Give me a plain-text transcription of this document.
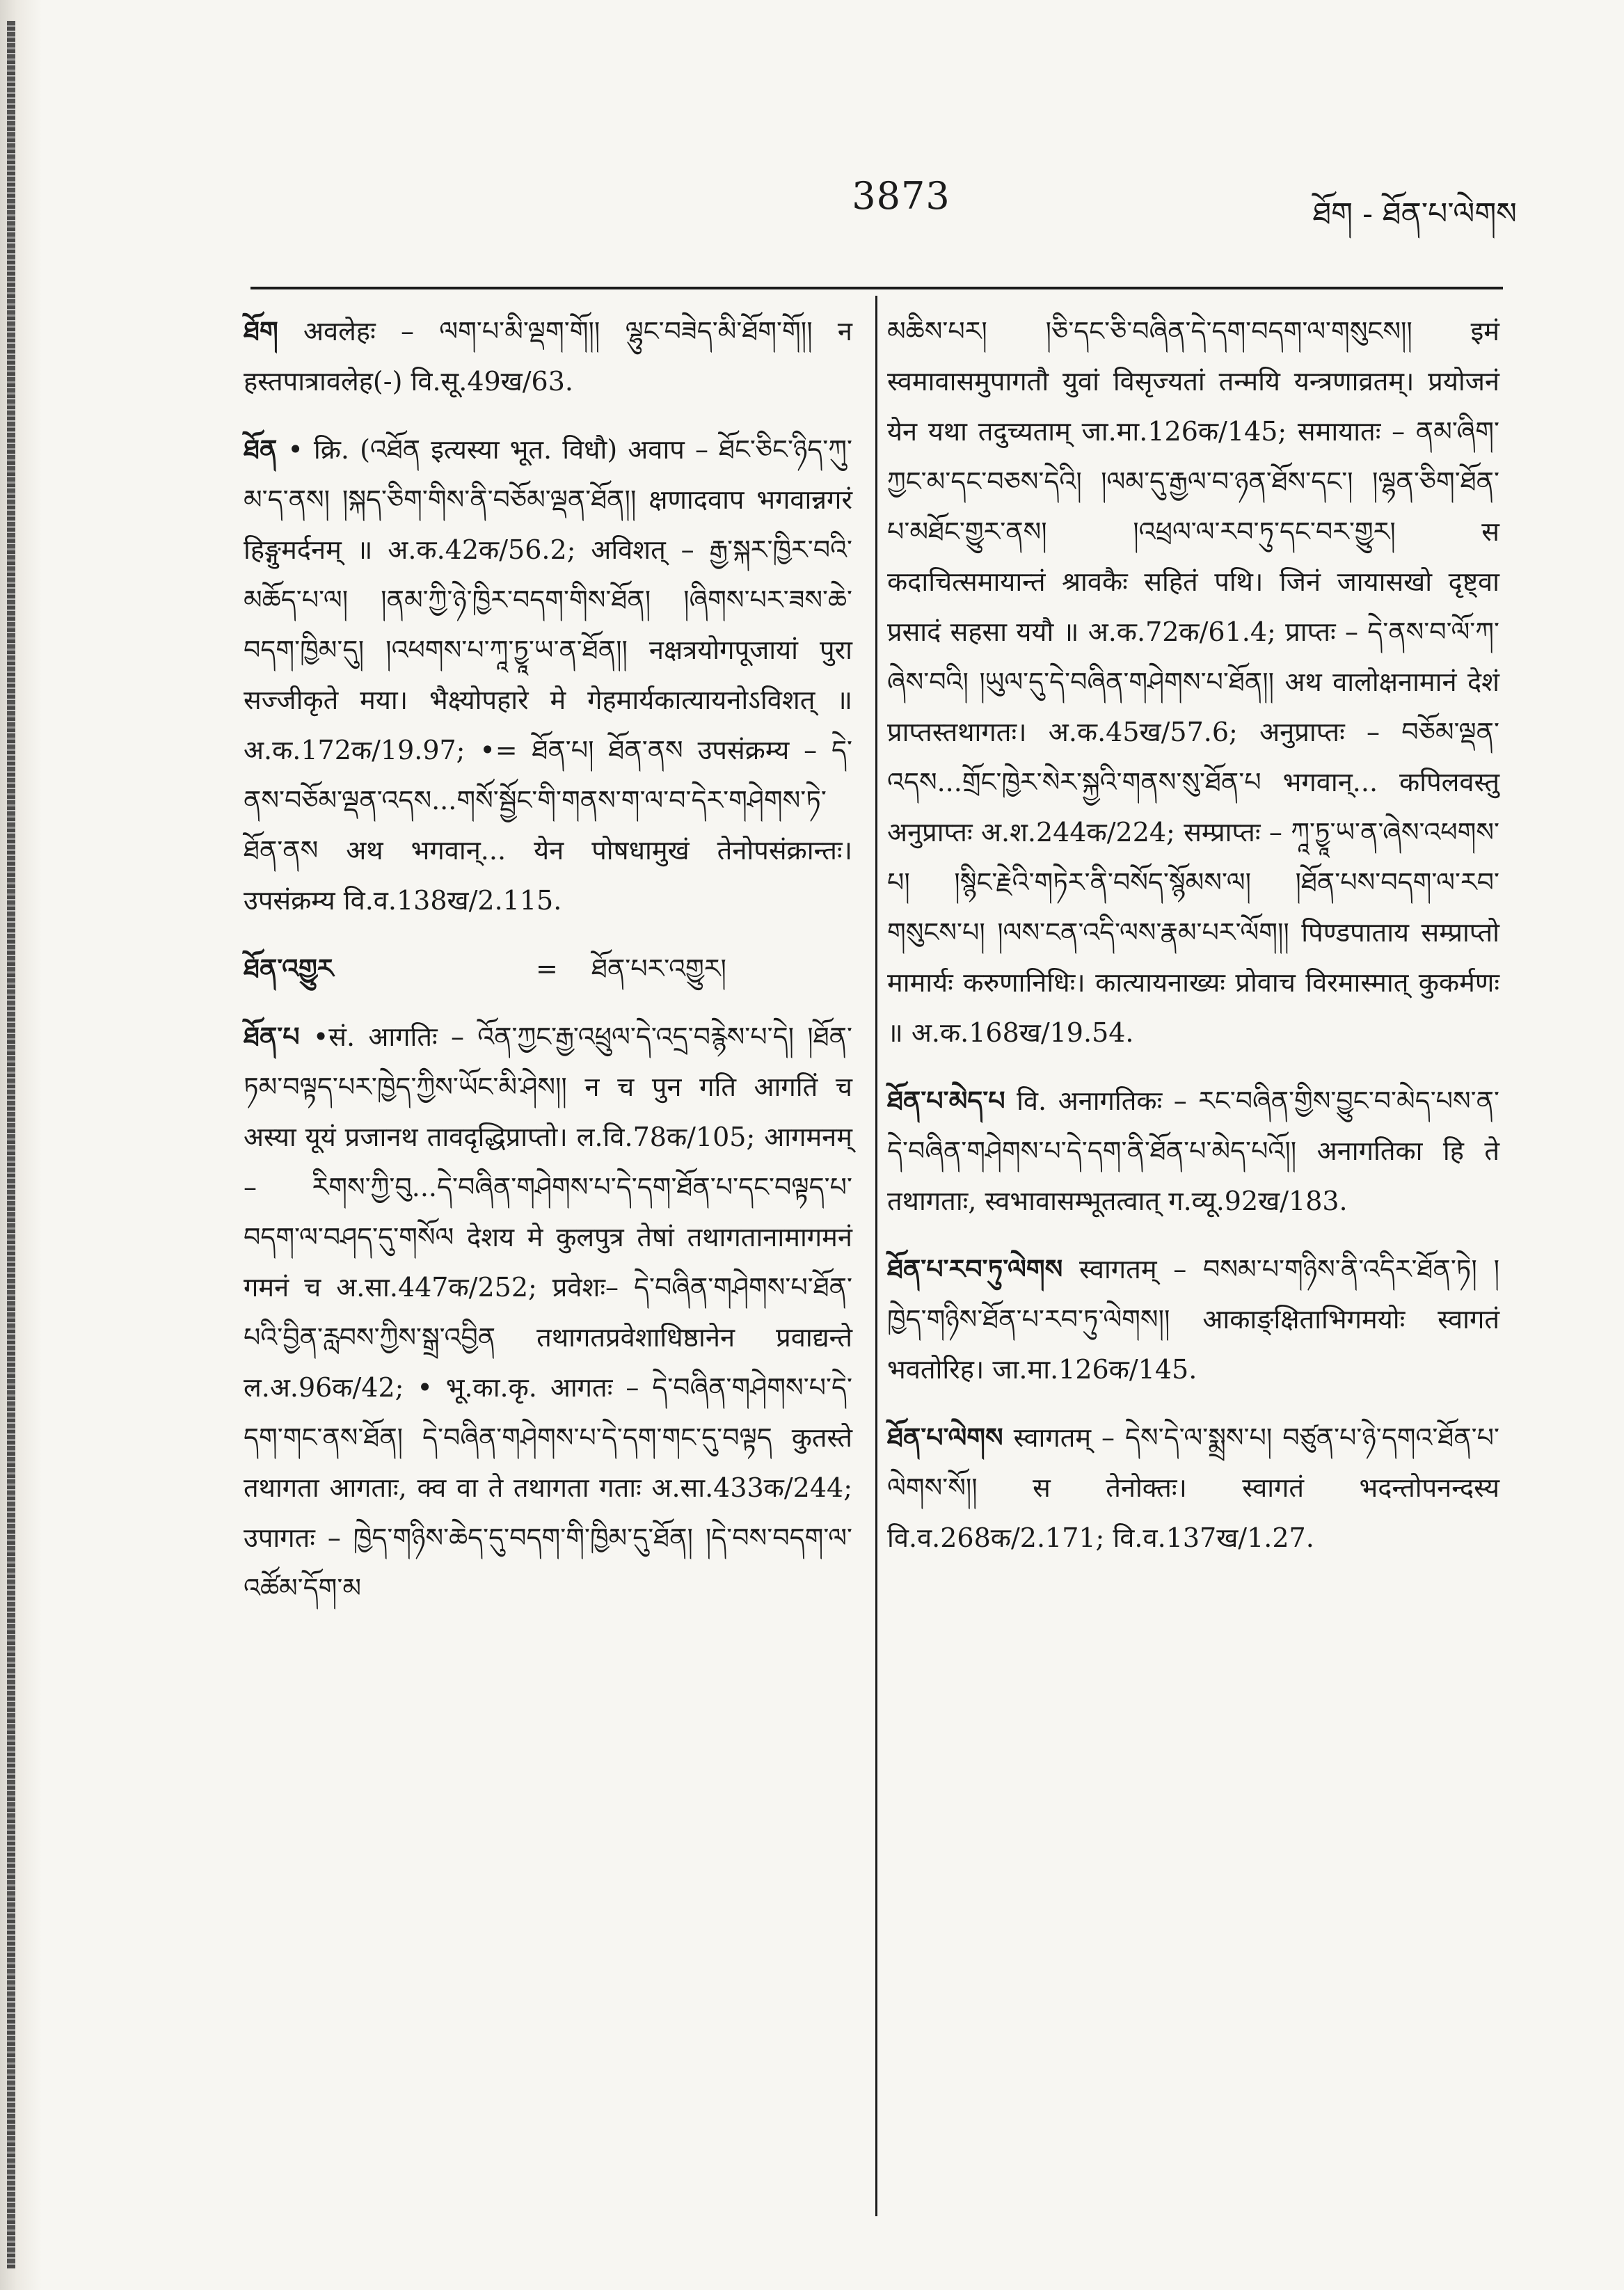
3873	ཐོག - ཐོན་པ་ལེགས
ཐོག अवलेहः – ལག་པ་མི་ལྡག་གོ།། ལྷུང་བཟེད་མི་ཐོག་གོ།། न हस्तपात्रावलेह(-) वि.सू.49ख/63.
ཐོན • क्रि. (འཐོན इत्यस्या भूत. विधौ) अवाप – ཐོང་ཅིང་ཉིད་ཀུ་མ་ད་ནས། །སྐད་ཅིག་གིས་ནི་བཅོམ་ལྡན་ཐོན།། क्षणादवाप भगवान्नगरं हिङ्गुमर्दनम् ॥ अ.क.42क/56.2; अविशत् – རྒྱ་སྐར་ཁྱིར་བའི་མཆོད་པ་ལ། །ནམ་ཀྱི་ཉེ་ཁྱིར་བདག་གིས་ཐོན། །ཞིགས་པར་ཟས་ཆེ་བདག་ཁྱིམ་དུ། །འཕགས་པ་ཀཱ་ཏྱཱ་ཡ་ན་ཐོན།། नक्षत्रयोगपूजायां पुरा सज्जीकृते मया। भैक्ष्योपहारे मे गेहमार्यकात्यायनोऽविशत् ॥ अ.क.172क/19.97; •= ཐོན་པ། ཐོན་ནས उपसंक्रम्य – དེ་ནས་བཅོམ་ལྡན་འདས...གསོ་སྦྱོང་གི་གནས་ག་ལ་བ་དེར་གཤེགས་ཏེ་ཐོན་ནས अथ भगवान्... येन पोषधामुखं तेनोपसंक्रान्तः। उपसंक्रम्य वि.व.138ख/2.115.
ཐོན་འགྱུར	=	ཐོན་པར་འགྱུར།
ཐོན་པ •सं. आगतिः – འོན་ཀྱང་རྒྱ་འཕྲུལ་དེ་འདྲ་བརྙེས་པ་དེ། །ཐོན་ཏམ་བལྟད་པར་ཁྱེད་ཀྱིས་ཡོང་མི་ཤེས།། न च पुन गति आगतिं च अस्या यूयं प्रजानथ तावदृद्धिप्राप्तो। ल.वि.78क/105; आगमनम् – རིགས་ཀྱི་བུ...དེ་བཞིན་གཤེགས་པ་དེ་དག་ཐོན་པ་དང་བལྟད་པ་བདག་ལ་བཤད་དུ་གསོལ देशय मे कुलपुत्र तेषां तथागतानामागमनं गमनं च अ.सा.447क/252; प्रवेशः– དེ་བཞིན་གཤེགས་པ་ཐོན་པའི་བྱིན་རླབས་ཀྱིས་སྒྲ་འབྱིན तथागतप्रवेशाधिष्ठानेन प्रवाद्यन्ते ल.अ.96क/42; • भू.का.कृ. आगतः – དེ་བཞིན་གཤེགས་པ་དེ་དག་གང་ནས་ཐོན། དེ་བཞིན་གཤེགས་པ་དེ་དག་གང་དུ་བལྟད कुतस्ते तथागता आगताः, क्व वा ते तथागता गताः अ.सा.433क/244; उपागतः – ཁྱེད་གཉིས་ཆེད་དུ་བདག་གི་ཁྱིམ་དུ་ཐོན། །དེ་བས་བདག་ལ་འཚོམ་དོག་མ
མཆིས་པར། །ཅི་དང་ཅི་བཞིན་དེ་དག་བདག་ལ་གསུངས།། इमं स्वमावासमुपागतौ युवां विसृज्यतां तन्मयि यन्त्रणाव्रतम्। प्रयोजनं येन यथा तदुच्यताम् जा.मा.126क/145; समायातः – ནམ་ཞིག་ཀྱང་མ་དང་བཅས་དེའི། །ལམ་དུ་རྒྱལ་བ་ཉན་ཐོས་དང་། །ལྷན་ཅིག་ཐོན་པ་མཐོང་གྱུར་ནས། །འཕྲལ་ལ་རབ་ཏུ་དང་བར་གྱུར། स कदाचित्समायान्तं श्रावकैः सहितं पथि। जिनं जायासखो दृष्ट्वा प्रसादं सहसा ययौ ॥ अ.क.72क/61.4; प्राप्तः – དེ་ནས་བ་ལོ་ཀ་ཞེས་བའི། །ཡུལ་དུ་དེ་བཞིན་གཤེགས་པ་ཐོན།། अथ वालोक्षनामानं देशं प्राप्तस्तथागतः। अ.क.45ख/57.6; अनुप्राप्तः – བཅོམ་ལྡན་འདས...གྲོང་ཁྱེར་སེར་སྐྱའི་གནས་སུ་ཐོན་པ भगवान्... कपिलवस्तु अनुप्राप्तः अ.श.244क/224; सम्प्राप्तः – ཀཱ་ཏྱཱ་ཡ་ན་ཞེས་འཕགས་པ། །སྙིང་རྗེའི་གཏེར་ནི་བསོད་སྙོམས་ལ། །ཐོན་པས་བདག་ལ་རབ་གསུངས་པ། །ལས་ངན་འདི་ལས་རྣམ་པར་ལོག།། पिण्डपाताय सम्प्राप्तो मामार्यः करुणानिधिः। कात्यायनाख्यः प्रोवाच विरमास्मात् कुकर्मणः ॥ अ.क.168ख/19.54.
ཐོན་པ་མེད་པ वि. अनागतिकः – རང་བཞིན་གྱིས་བྱུང་བ་མེད་པས་ན་དེ་བཞིན་གཤེགས་པ་དེ་དག་ནི་ཐོན་པ་མེད་པའོ།། अनागतिका हि ते तथागताः, स्वभावासम्भूतत्वात् ग.व्यू.92ख/183.
ཐོན་པ་རབ་ཏུ་ལེགས स्वागतम् – བསམ་པ་གཉིས་ནི་འདིར་ཐོན་ཏེ། །ཁྱེད་གཉིས་ཐོན་པ་རབ་ཏུ་ལེགས།། आकाङ्क्षिताभिगमयोः स्वागतं भवतोरिह। जा.मा.126क/145.
ཐོན་པ་ལེགས स्वागतम् – དེས་དེ་ལ་སྨྲས་པ། བཙུན་པ་ཉེ་དགའ་ཐོན་པ་ལེགས་སོ།། स तेनोक्तः। स्वागतं भदन्तोपनन्दस्य वि.व.268क/2.171; वि.व.137ख/1.27.
